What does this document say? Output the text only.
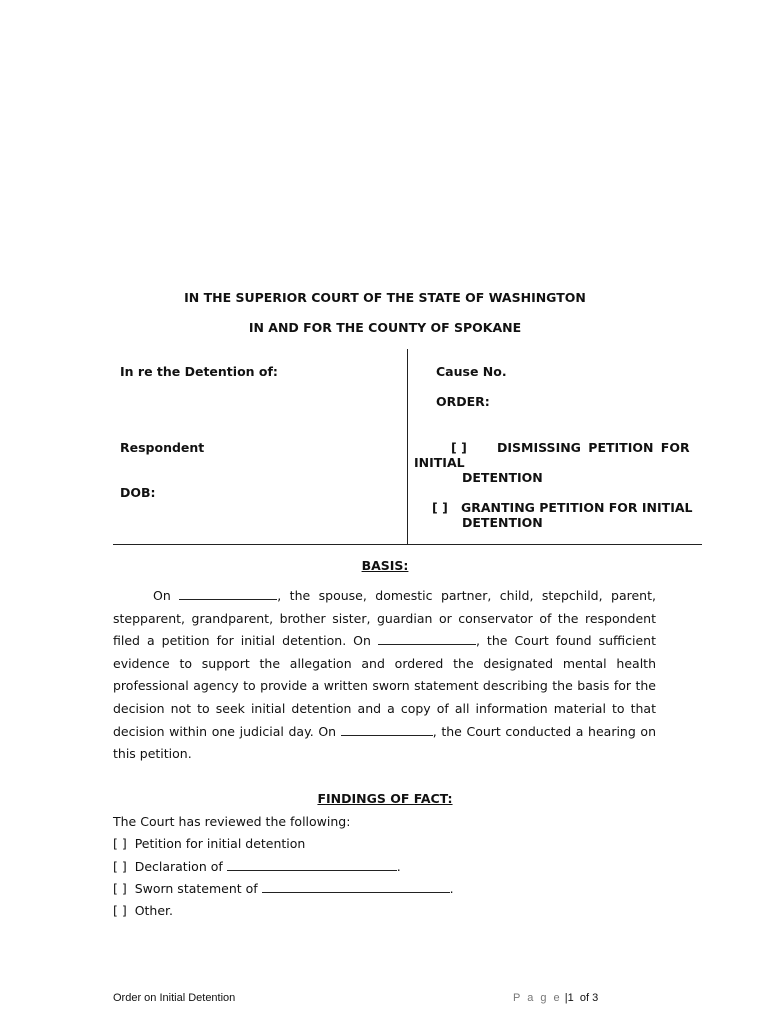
IN THE SUPERIOR COURT OF THE STATE OF WASHINGTON
IN AND FOR THE COUNTY OF SPOKANE
In re the Detention of:
Respondent
DOB:
Cause No.
ORDER:
[ ] DISMISSING PETITION FOR
INITIAL
DETENTION
[ ] GRANTING PETITION FOR INITIAL
DETENTION
BASIS:

On	, the spouse, domestic partner, child, stepchild, parent, stepparent, grandparent, brother sister, guardian or conservator of the respondent filed a petition for initial detention. On	, the Court found sufficient evidence to support the allegation and ordered the designated mental health professional agency to provide a written sworn statement describing the basis for the decision not to seek initial detention and a copy of all information material to that decision within one judicial day. On	, the Court conducted a hearing on this petition.

FINDINGS OF FACT:
The Court has reviewed the following:
[ ] Petition for initial detention
[ ] Declaration of	.
[ ] Sworn statement of	.
[ ] Other.
Order on Initial Detention	P a g e |1 of 3
